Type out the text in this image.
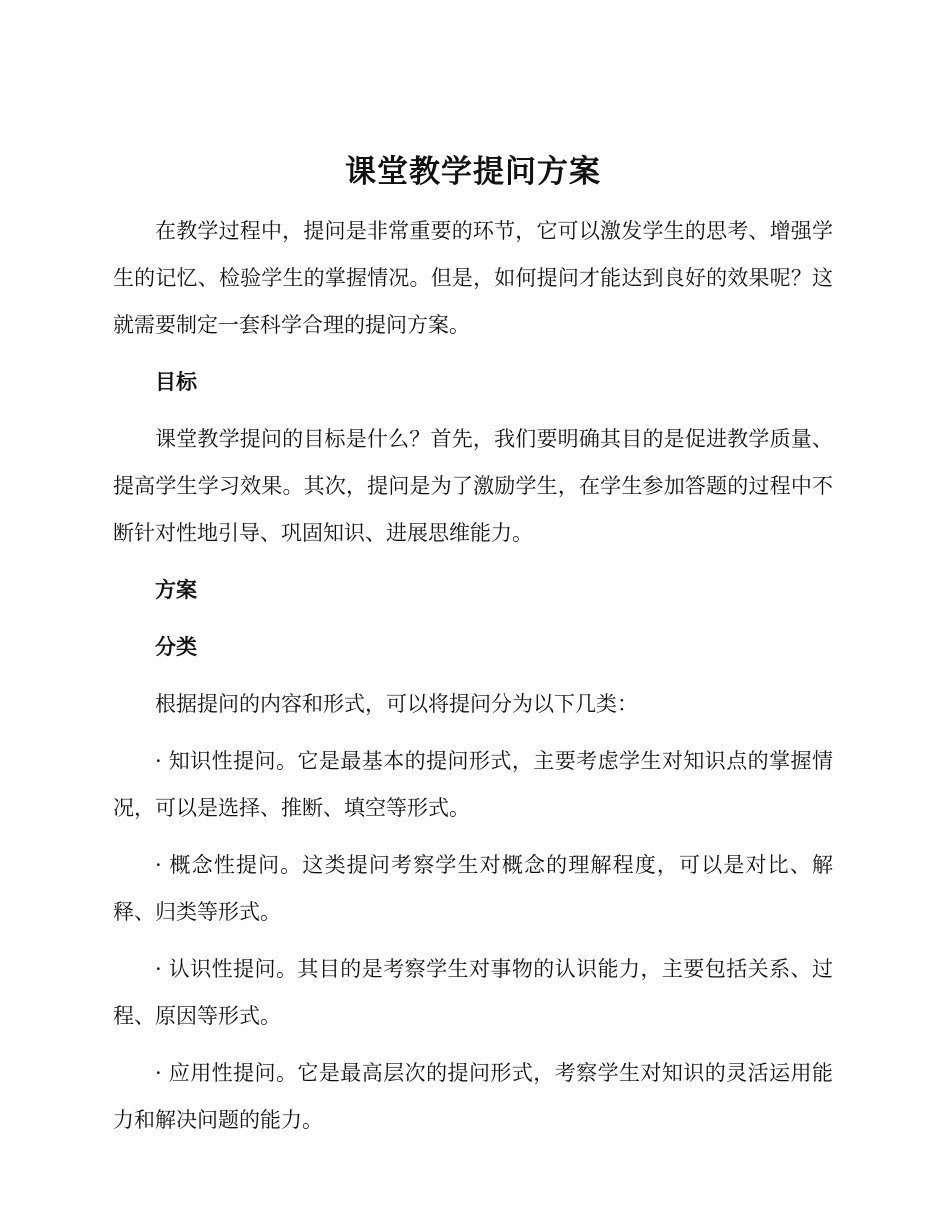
课堂教学提问方案

在教学过程中，提问是非常重要的环节，它可以激发学生的思考、增强学生的记忆、检验学生的掌握情况。但是，如何提问才能达到良好的效果呢？这就需要制定一套科学合理的提问方案。

目标

课堂教学提问的目标是什么？首先，我们要明确其目的是促进教学质量、提高学生学习效果。其次，提问是为了激励学生，在学生参加答题的过程中不断针对性地引导、巩固知识、进展思维能力。

方案

分类

根据提问的内容和形式，可以将提问分为以下几类：

· 知识性提问。它是最基本的提问形式，主要考虑学生对知识点的掌握情况，可以是选择、推断、填空等形式。

· 概念性提问。这类提问考察学生对概念的理解程度，可以是对比、解释、归类等形式。

· 认识性提问。其目的是考察学生对事物的认识能力，主要包括关系、过程、原因等形式。

· 应用性提问。它是最高层次的提问形式，考察学生对知识的灵活运用能力和解决问题的能力。
